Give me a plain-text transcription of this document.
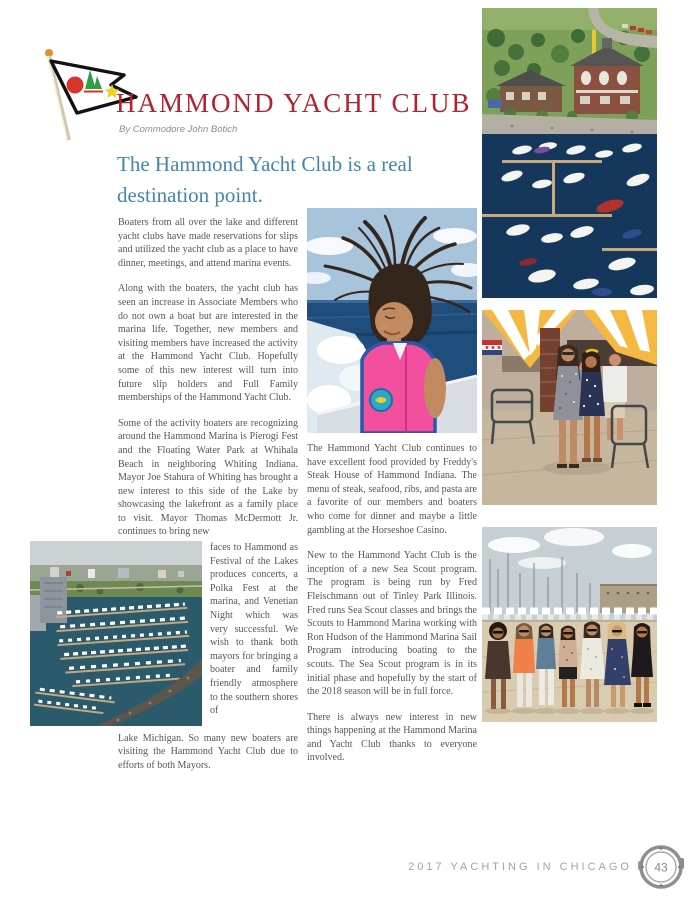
HAMMOND YACHT CLUB
By Commodore John Botich
The Hammond Yacht Club is a real destination point.

Boaters from all over the lake and different yacht clubs have made reservations for slips and utilized the yacht club as a place to have dinner, meetings, and attend marina events.

Along with the boaters, the yacht club has seen an increase in Associate Members who do not own a boat but are interested in the marina life. Together, new members and visiting members have increased the activity at the Hammond Yacht Club. Hopefully some of this new interest will turn into future slip holders and Full Family memberships of the Hammond Yacht Club.

Some of the activity boaters are recognizing around the Hammond Marina is Pierogi Fest and the Floating Water Park at Whihala Beach in neighboring Whiting Indiana. Mayor Joe Stahura of Whiting has brought a new interest to this side of the Lake by showcasing the lakefront as a family place to visit. Mayor Thomas McDermott Jr. continues to bring new

faces to Hammond as Festival of the Lakes produces concerts, a Polka Fest at the marina, and Venetian Night which was very successful. We wish to thank both mayors for bringing a boater and family friendly atmosphere to the southern shores of

Lake Michigan. So many new boaters are visiting the Hammond Yacht Club due to efforts of both Mayors.

The Hammond Yacht Club continues to have excellent food provided by Freddy's Steak House of Hammond Indiana. The menu of steak, seafood, ribs, and pasta are a favorite of our members and boaters who come for dinner and maybe a little gambling at the Horseshoe Casino.

New to the Hammond Yacht Club is the inception of a new Sea Scout program. The program is being run by Fred Fleischmann out of Tinley Park Illinois. Fred runs Sea Scout classes and brings the Scouts to Hammond Marina working with Ron Hudson of the Hammond Marina Sail Program introducing boating to the scouts. The Sea Scout program is in its initial phase and hopefully by the start of the 2018 season will be in full force.

There is always new interest in new things happening at the Hammond Marina and Yacht Club thanks to everyone involved.

2017 YACHTING IN CHICAGO 43
